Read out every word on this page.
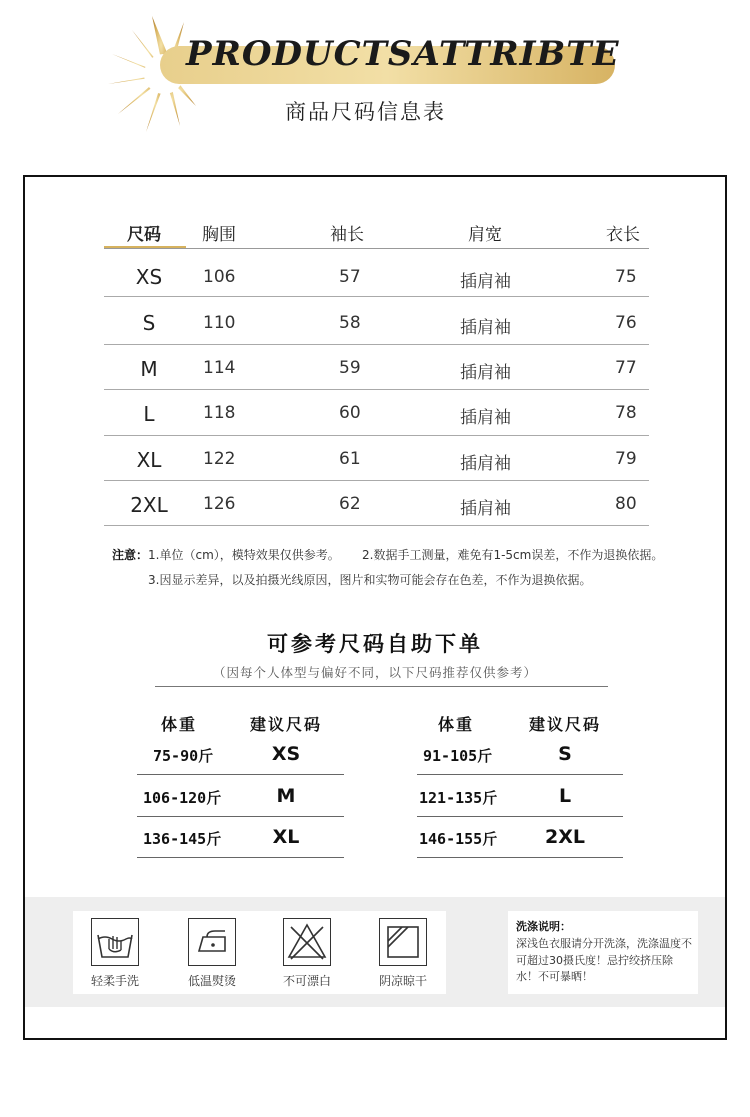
PRODUCTSATTRIBTE
商品尺码信息表
尺码 胸围	袖长	肩宽	衣长
XS	106	57	插肩袖	75
S	110	58	插肩袖	76
M	114	59	插肩袖	77
L	118	60	插肩袖	78
XL	122	61	插肩袖	79
2XL	126	62	插肩袖	80
注意：1.单位（cm），模特效果仅供参考。 2.数据手工测量，难免有1-5cm误差，不作为退换依据。
3.因显示差异，以及拍摄光线原因，图片和实物可能会存在色差，不作为退换依据。
可参考尺码自助下单
（因每个人体型与偏好不同，以下尺码推荐仅供参考）
体重	建议尺码
75-90斤	XS
106-120斤	M
136-145斤	XL
体重	建议尺码
91-105斤	S
121-135斤	L
146-155斤	2XL
轻柔手洗	低温熨烫	不可漂白	阴凉晾干
洗涤说明：
深浅色衣服请分开洗涤，洗涤温度不可超过30摄氏度！忌拧绞挤压除水！不可暴晒！
